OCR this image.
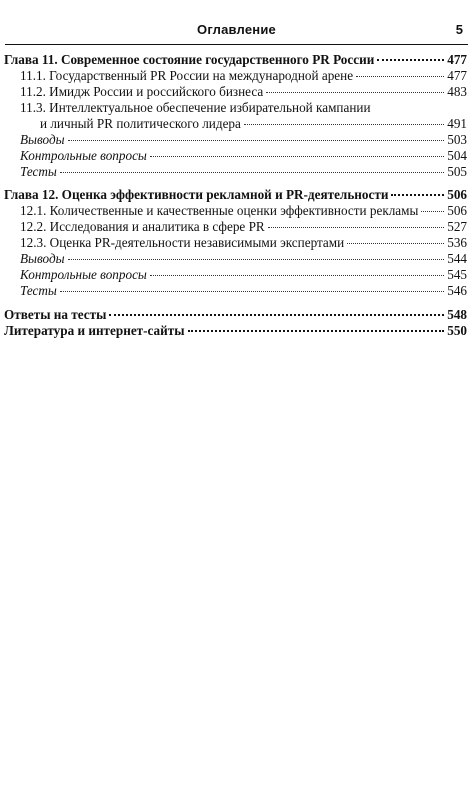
Оглавление	5
Глава 11. Современное состояние государственного PR России	477
11.1. Государственный PR России на международной арене	477
11.2. Имидж России и российского бизнеса	483
11.3. Интеллектуальное обеспечение избирательной кампании
и личный PR политического лидера	491
Выводы	503
Контрольные вопросы	504
Тесты	505
Глава 12. Оценка эффективности рекламной и PR-деятельности	506
12.1. Количественные и качественные оценки эффективности рекламы 506
12.2. Исследования и аналитика в сфере PR	527
12.3. Оценка PR-деятельности независимыми экспертами	536
Выводы	544
Контрольные вопросы	545
Тесты	546
Ответы на тесты	548
Литература и интернет-сайты	550
